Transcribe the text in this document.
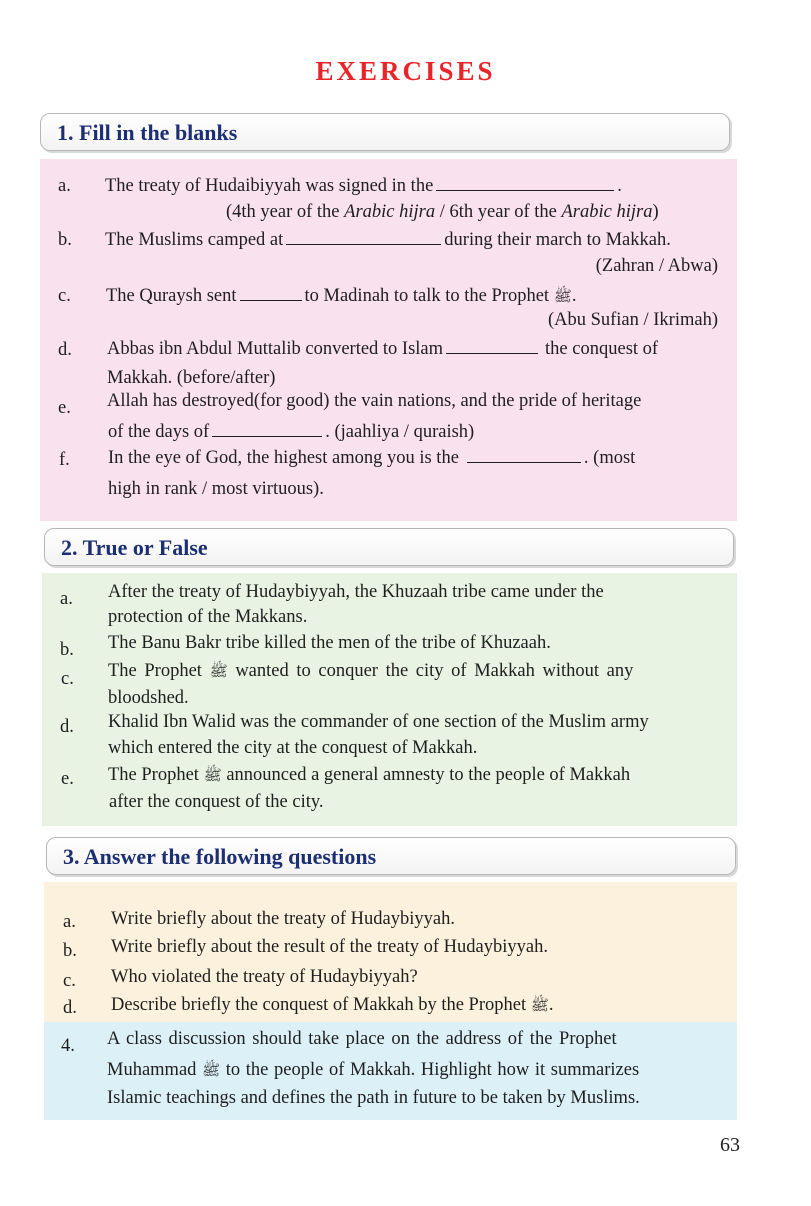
EXERCISES
1. Fill in the blanks
a. The treaty of Hudaibiyyah was signed in the	.
(4th year of the Arabic hijra / 6th year of the Arabic hijra)
b. The Muslims camped at	during their march to Makkah.
(Zahran / Abwa)
c. The Quraysh sent	to Madinah to talk to the Prophet ﷺ.
(Abu Sufian / Ikrimah)
d. Abbas ibn Abdul Muttalib converted to Islam	the conquest of
Makkah. (before/after)
e. Allah has destroyed(for good) the vain nations, and the pride of heritage
of the days of	. (jaahliya / quraish)
f. In the eye of God, the highest among you is the	. (most
high in rank / most virtuous).
2. True or False
a. After the treaty of Hudaybiyyah, the Khuzaah tribe came under the
protection of the Makkans.
b. The Banu Bakr tribe killed the men of the tribe of Khuzaah.
c. The Prophet ﷺ wanted to conquer the city of Makkah without any
bloodshed.
d. Khalid Ibn Walid was the commander of one section of the Muslim army
which entered the city at the conquest of Makkah.
e. The Prophet ﷺ announced a general amnesty to the people of Makkah
after the conquest of the city.
3. Answer the following questions
a. Write briefly about the treaty of Hudaybiyyah.
b. Write briefly about the result of the treaty of Hudaybiyyah.
c. Who violated the treaty of Hudaybiyyah?
d. Describe briefly the conquest of Makkah by the Prophet ﷺ.
4. A class discussion should take place on the address of the Prophet
Muhammad ﷺ to the people of Makkah. Highlight how it summarizes
Islamic teachings and defines the path in future to be taken by Muslims.
63
